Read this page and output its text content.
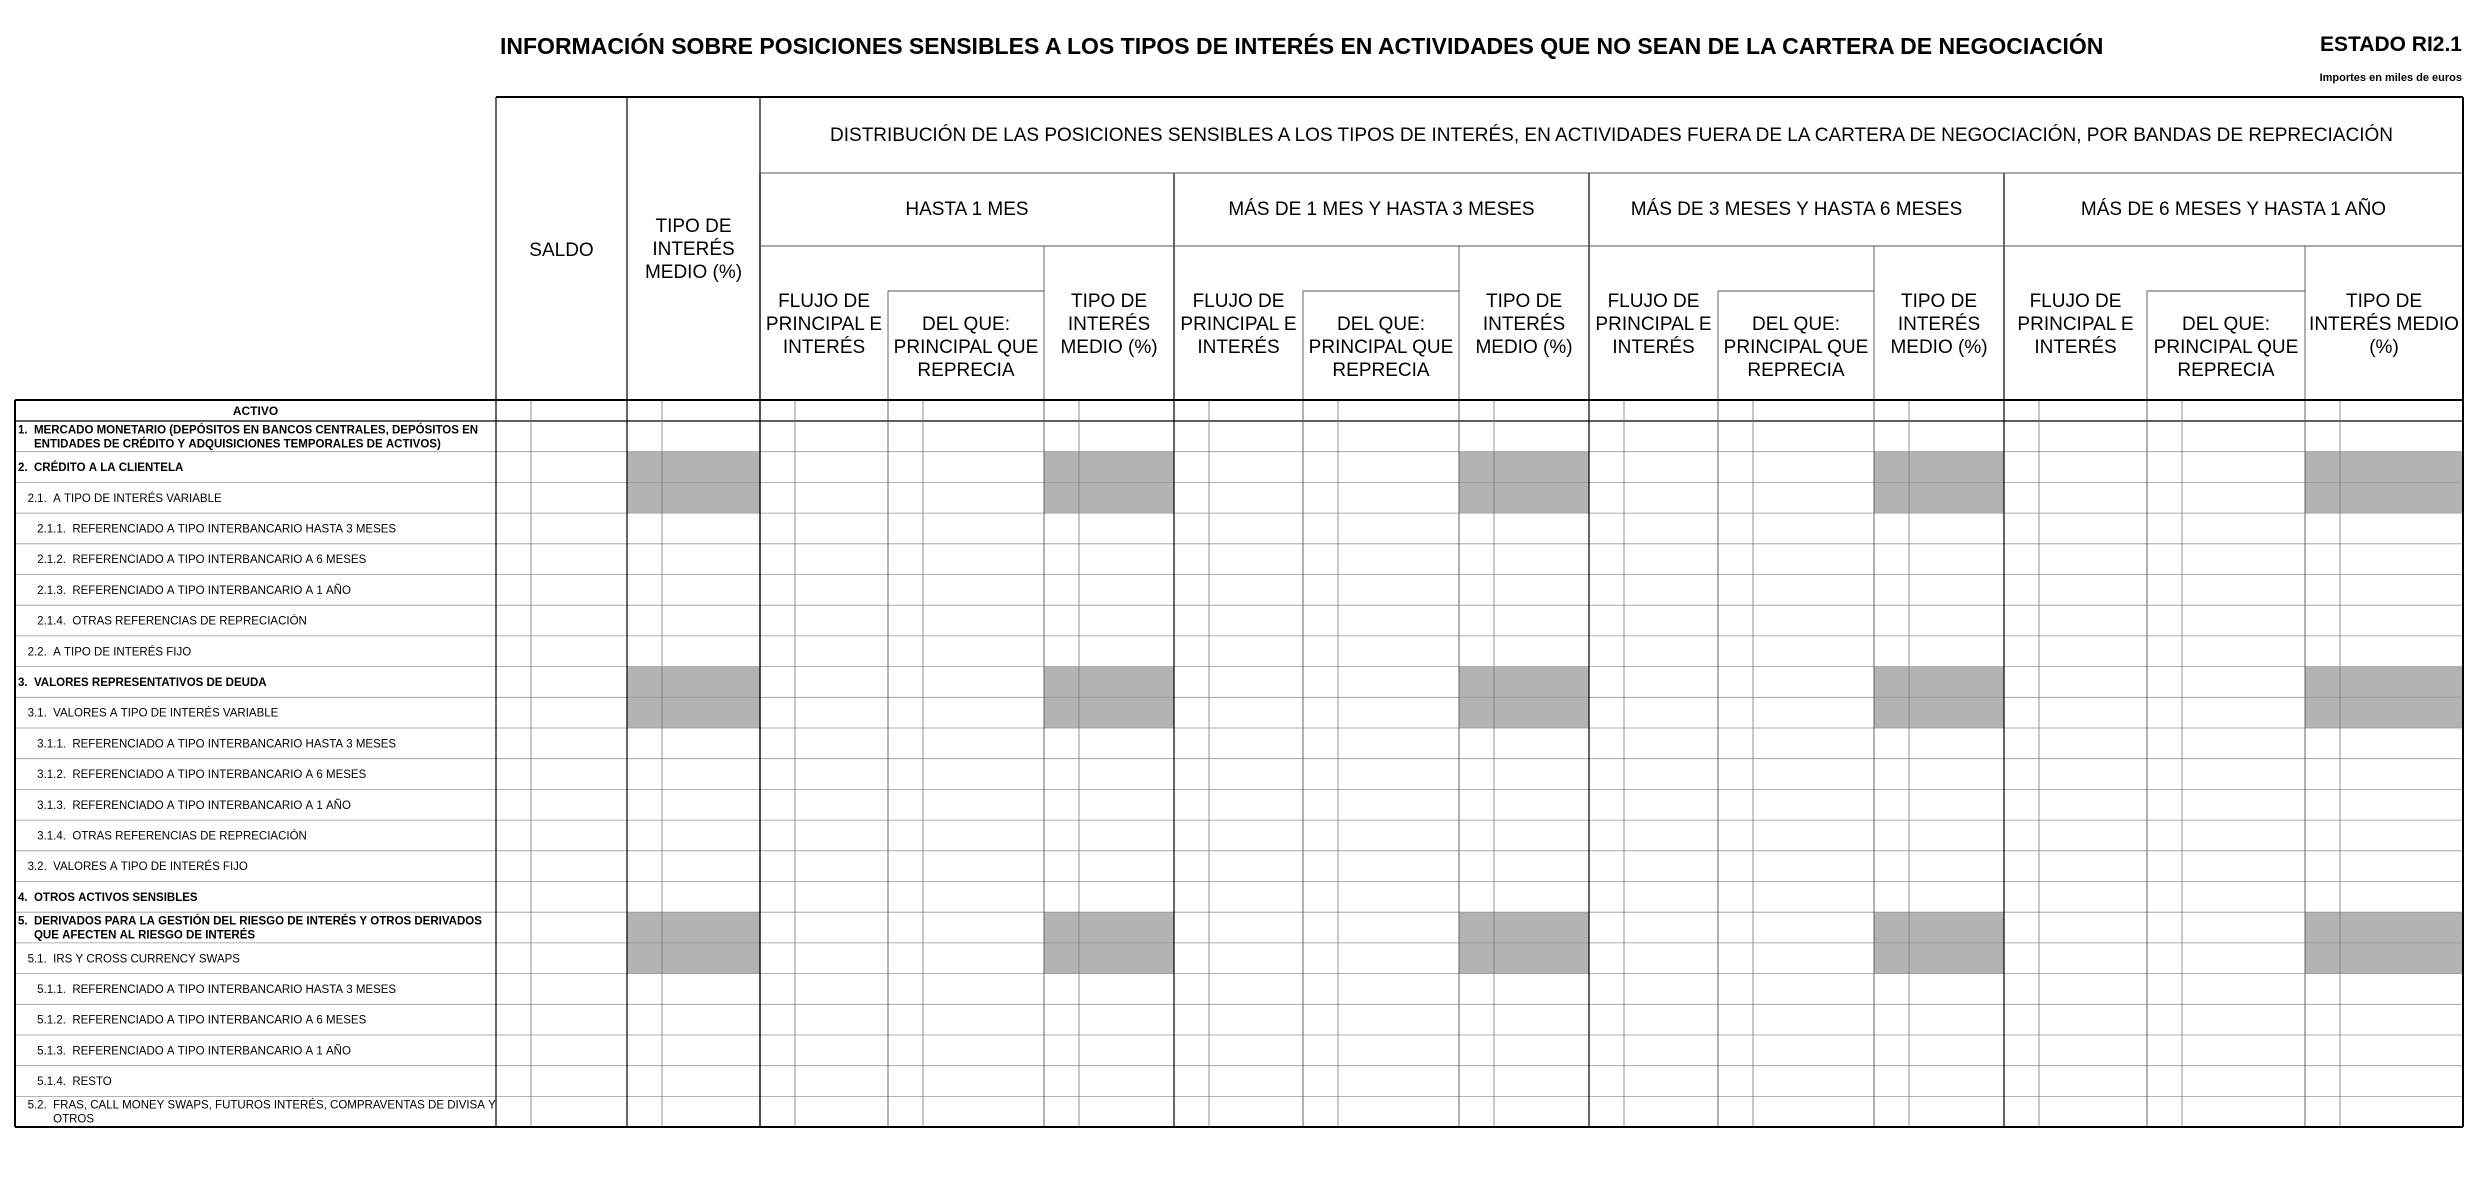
INFORMACIÓN SOBRE POSICIONES SENSIBLES A LOS TIPOS DE INTERÉS EN ACTIVIDADES QUE NO SEAN DE LA CARTERA DE NEGOCIACIÓN	ESTADO RI2.1
Importes en miles de euros
SALDO
TIPO DE INTERÉS MEDIO (%)
DISTRIBUCIÓN DE LAS POSICIONES SENSIBLES A LOS TIPOS DE INTERÉS, EN ACTIVIDADES FUERA DE LA CARTERA DE NEGOCIACIÓN, POR BANDAS DE REPRECIACIÓN
HASTA 1 MES
FLUJO DE PRINCIPAL E INTERÉS
DEL QUE: PRINCIPAL QUE REPRECIA
TIPO DE INTERÉS MEDIO (%)
MÁS DE 1 MES Y HASTA 3 MESES
FLUJO DE PRINCIPAL E INTERÉS
DEL QUE: PRINCIPAL QUE REPRECIA
TIPO DE INTERÉS MEDIO (%)
MÁS DE 3 MESES Y HASTA 6 MESES
FLUJO DE PRINCIPAL E INTERÉS
DEL QUE: PRINCIPAL QUE REPRECIA
TIPO DE INTERÉS MEDIO (%)
MÁS DE 6 MESES Y HASTA 1 AÑO
FLUJO DE PRINCIPAL E INTERÉS
DEL QUE: PRINCIPAL QUE REPRECIA
TIPO DE INTERÉS MEDIO (%)
ACTIVO
1.  MERCADO MONETARIO (DEPÓSITOS EN BANCOS CENTRALES, DEPÓSITOS EN     ENTIDADES DE CRÉDITO Y ADQUISICIONES TEMPORALES DE ACTIVOS)
2.  CRÉDITO A LA CLIENTELA
2.1.  A TIPO DE INTERÉS VARIABLE
2.1.1.  REFERENCIADO A TIPO INTERBANCARIO HASTA 3 MESES
2.1.2.  REFERENCIADO A TIPO INTERBANCARIO A 6 MESES
2.1.3.  REFERENCIADO A TIPO INTERBANCARIO A 1 AÑO
2.1.4.  OTRAS REFERENCIAS DE REPRECIACIÓN
2.2.  A TIPO DE INTERÉS FIJO
3.  VALORES REPRESENTATIVOS DE DEUDA
3.1.  VALORES A TIPO DE INTERÉS VARIABLE
3.1.1.  REFERENCIADO A TIPO INTERBANCARIO HASTA 3 MESES
3.1.2.  REFERENCIADO A TIPO INTERBANCARIO A 6 MESES
3.1.3.  REFERENCIADO A TIPO INTERBANCARIO A 1 AÑO
3.1.4.  OTRAS REFERENCIAS DE REPRECIACIÓN
3.2.  VALORES A TIPO DE INTERÉS FIJO
4.  OTROS ACTIVOS SENSIBLES
5.  DERIVADOS PARA LA GESTIÓN DEL RIESGO DE INTERÉS Y OTROS DERIVADOS     QUE AFECTEN AL RIESGO DE INTERÉS
5.1.  IRS Y CROSS CURRENCY SWAPS
5.1.1.  REFERENCIADO A TIPO INTERBANCARIO HASTA 3 MESES
5.1.2.  REFERENCIADO A TIPO INTERBANCARIO A 6 MESES
5.1.3.  REFERENCIADO A TIPO INTERBANCARIO A 1 AÑO
5.1.4.  RESTO
5.2.  FRAS, CALL MONEY SWAPS, FUTUROS INTERÉS, COMPRAVENTAS DE DIVISA Y           OTROS
